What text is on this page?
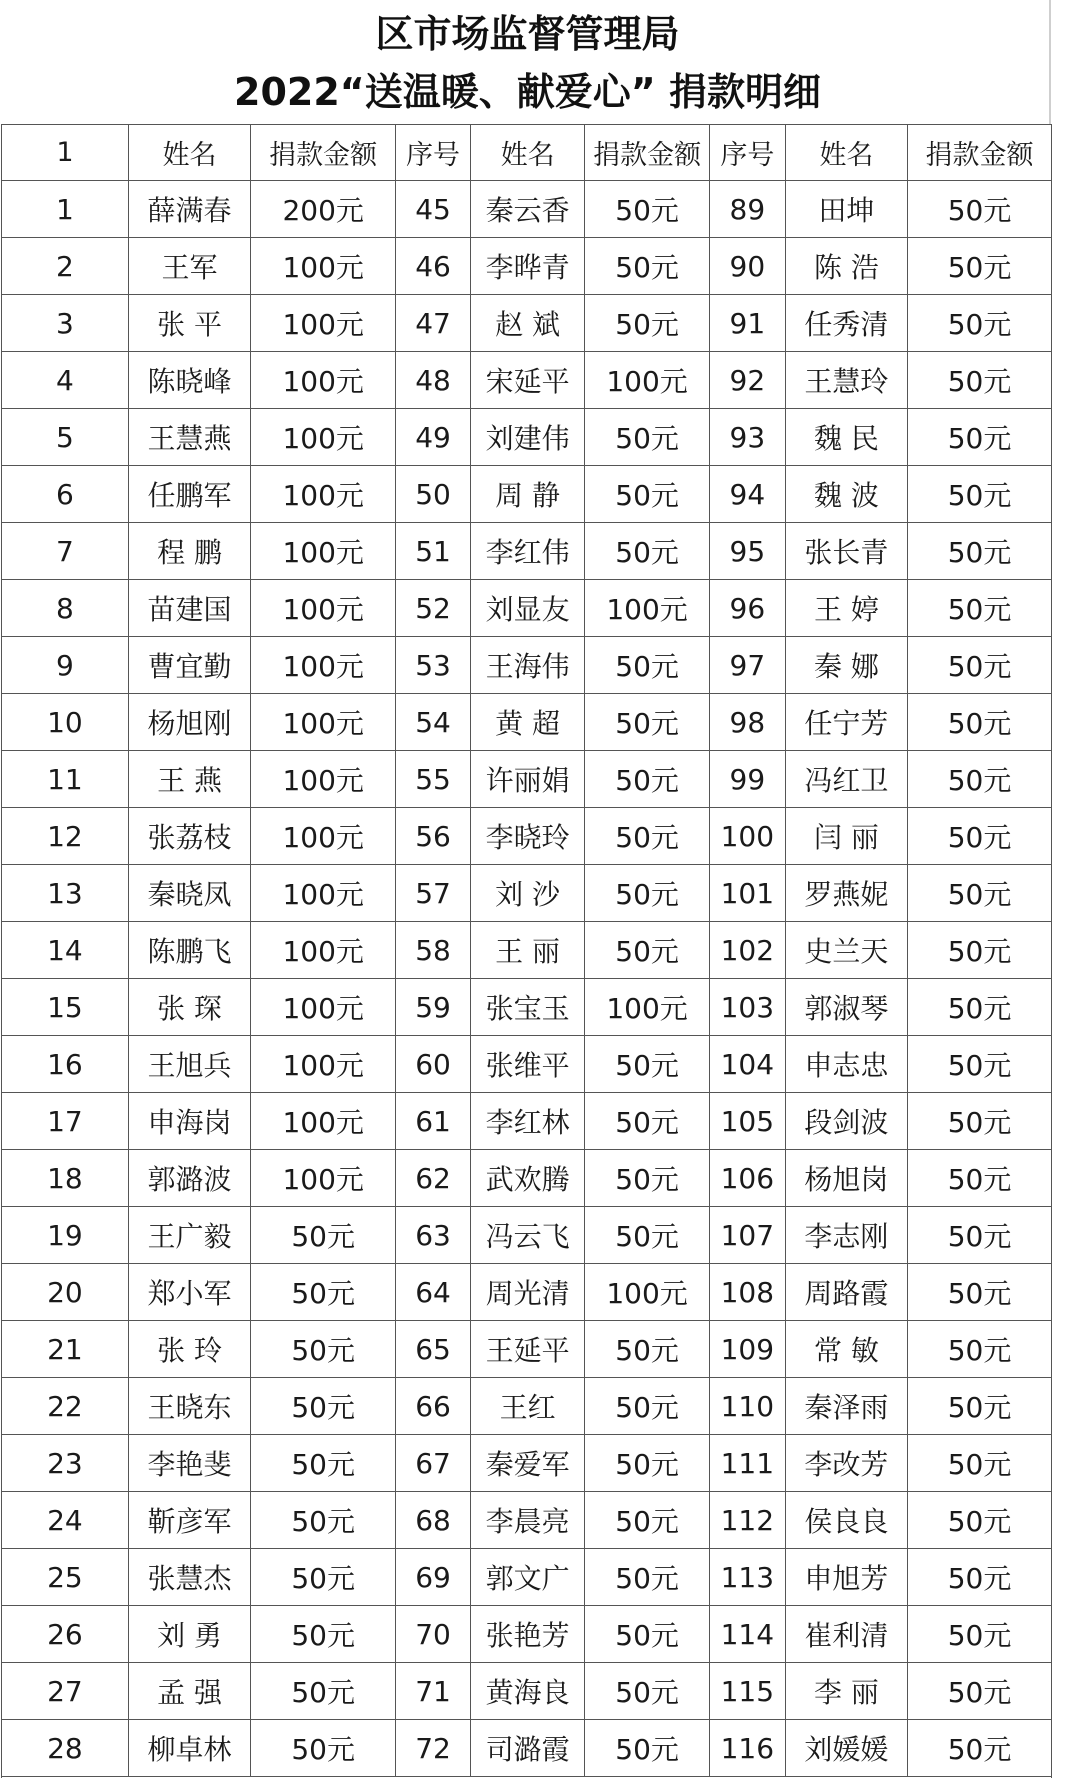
区市场监督管理局
2022“送温暖、献爱心” 捐款明细
1	姓名	捐款金额	序号	姓名	捐款金额	序号	姓名	捐款金额
1	薛满春	200元	45	秦云香	50元	89	田坤	50元
2	王军	100元	46	李晔青	50元	90	陈 浩	50元
3	张 平	100元	47	赵 斌	50元	91	任秀清	50元
4	陈晓峰	100元	48	宋延平	100元	92	王慧玲	50元
5	王慧燕	100元	49	刘建伟	50元	93	魏 民	50元
6	任鹏军	100元	50	周 静	50元	94	魏 波	50元
7	程 鹏	100元	51	李红伟	50元	95	张长青	50元
8	苗建国	100元	52	刘显友	100元	96	王 婷	50元
9	曹宜勤	100元	53	王海伟	50元	97	秦 娜	50元
10	杨旭刚	100元	54	黄 超	50元	98	任宁芳	50元
11	王 燕	100元	55	许丽娟	50元	99	冯红卫	50元
12	张荔枝	100元	56	李晓玲	50元	100	闫 丽	50元
13	秦晓凤	100元	57	刘 沙	50元	101	罗燕妮	50元
14	陈鹏飞	100元	58	王 丽	50元	102	史兰天	50元
15	张 琛	100元	59	张宝玉	100元	103	郭淑琴	50元
16	王旭兵	100元	60	张维平	50元	104	申志忠	50元
17	申海岗	100元	61	李红林	50元	105	段剑波	50元
18	郭潞波	100元	62	武欢腾	50元	106	杨旭岗	50元
19	王广毅	50元	63	冯云飞	50元	107	李志刚	50元
20	郑小军	50元	64	周光清	100元	108	周路霞	50元
21	张 玲	50元	65	王延平	50元	109	常 敏	50元
22	王晓东	50元	66	王红	50元	110	秦泽雨	50元
23	李艳斐	50元	67	秦爱军	50元	111	李改芳	50元
24	靳彦军	50元	68	李晨亮	50元	112	侯良良	50元
25	张慧杰	50元	69	郭文广	50元	113	申旭芳	50元
26	刘 勇	50元	70	张艳芳	50元	114	崔利清	50元
27	孟 强	50元	71	黄海良	50元	115	李 丽	50元
28	柳卓林	50元	72	司潞霞	50元	116	刘媛媛	50元
